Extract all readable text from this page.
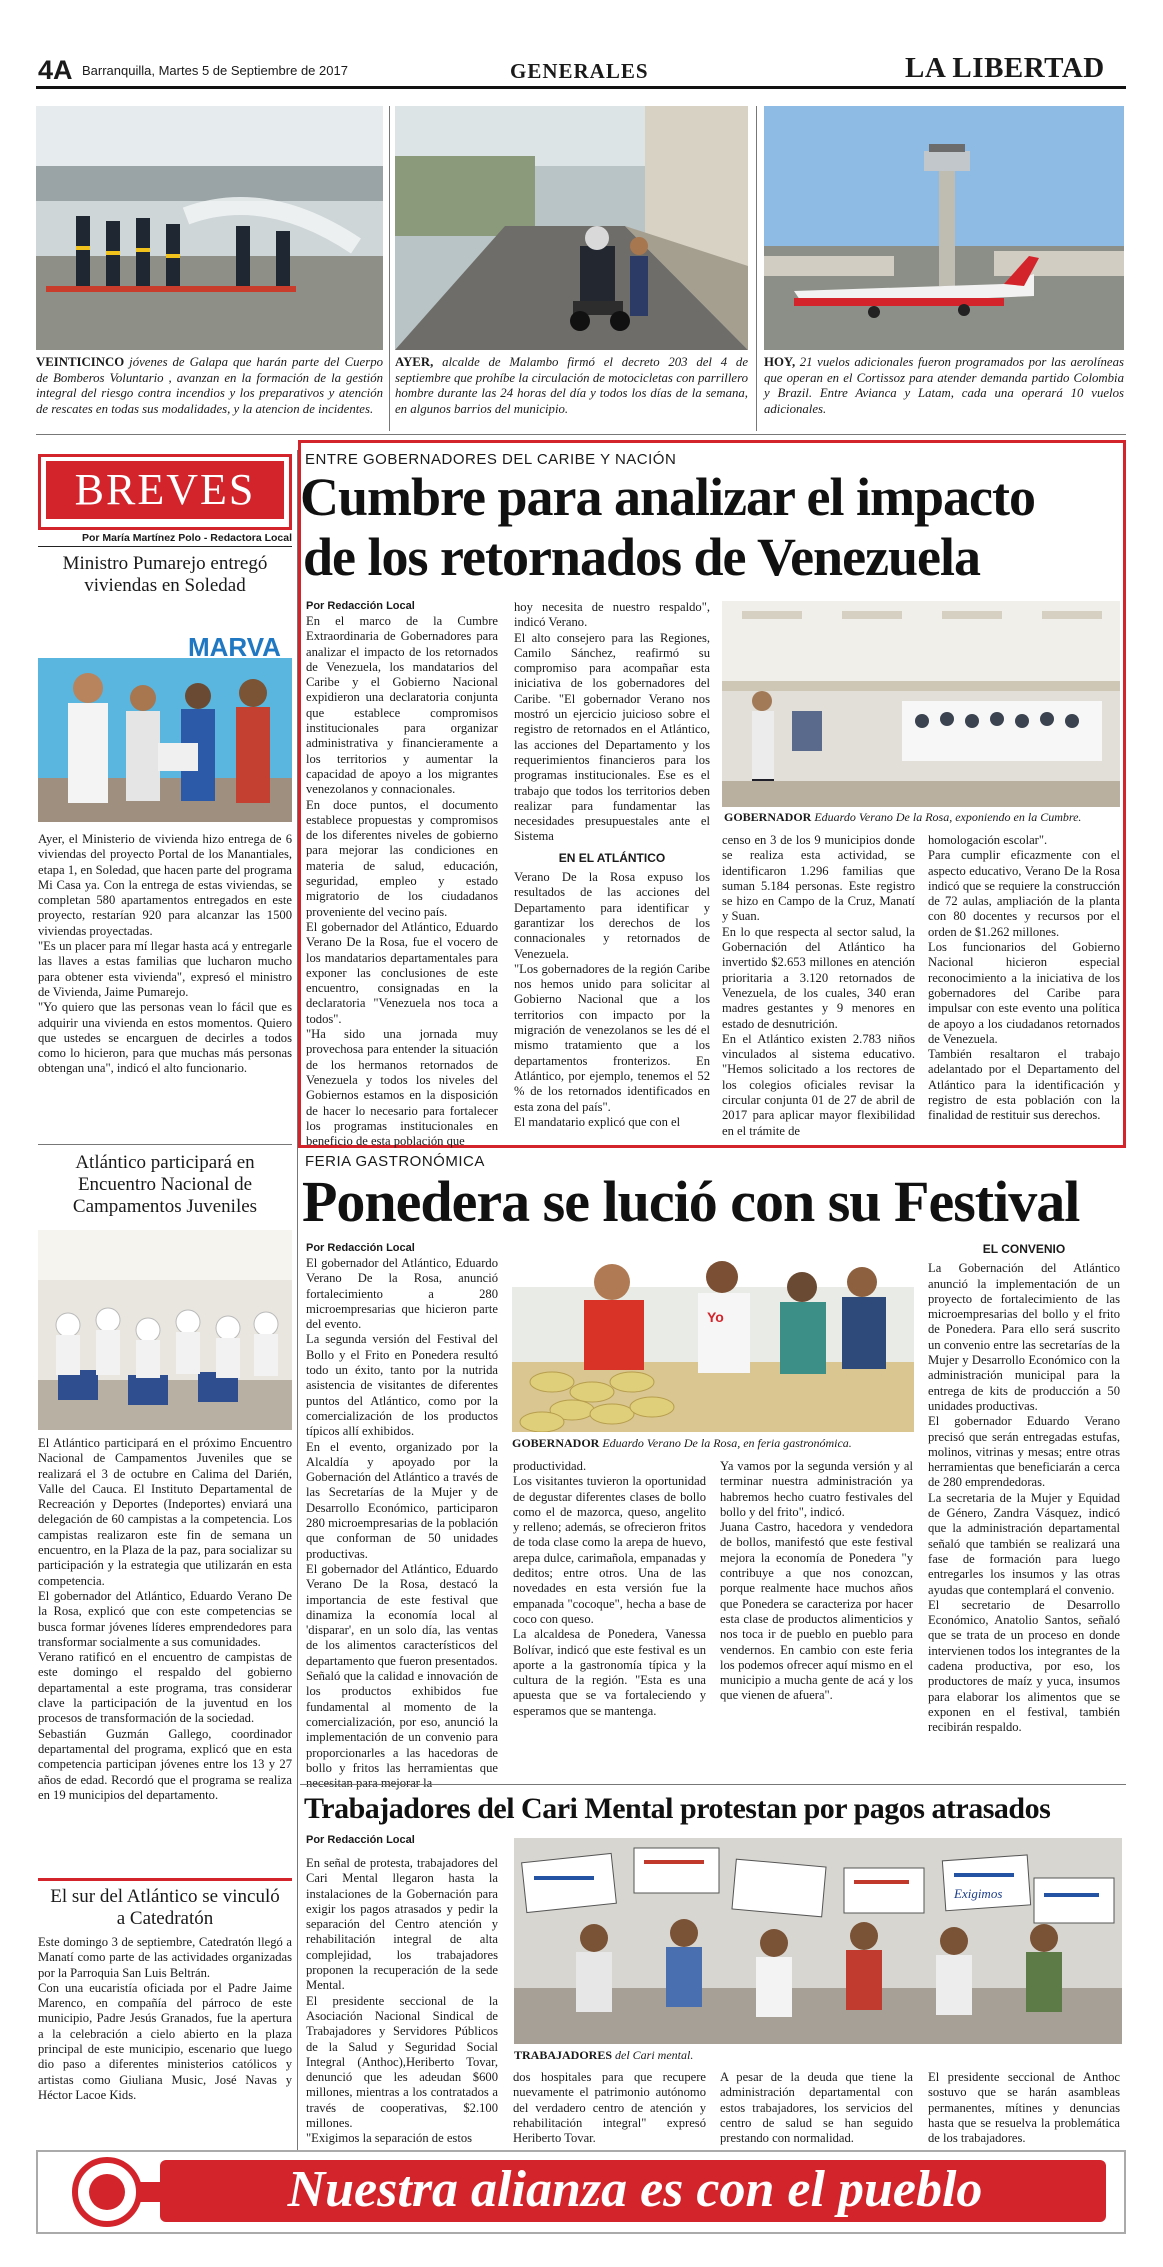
4A Barranquilla, Martes 5 de Septiembre de 2017	GENERALES	LA LIBERTAD
VEINTICINCO jóvenes de Galapa que harán parte del Cuerpo de Bomberos Voluntario , avanzan en la formación de la gestión integral del riesgo contra incendios y los preparativos y atención de rescates en todas sus modalidades, y la atencion de incidentes.
AYER, alcalde de Malambo firmó el decreto 203 del 4 de septiembre que prohíbe la circulación de motocicletas con parrillero hombre durante las 24 horas del día y todos los días de la semana, en algunos barrios del municipio.
HOY, 21 vuelos adicionales fueron programados por las aerolíneas que operan en el Cortissoz para atender demanda partido Colombia y Brazil. Entre Avianca y Latam, cada una operará 10 vuelos adicionales.
BREVES
Por María Martínez Polo - Redactora Local
Ministro Pumarejo entregó viviendas en Soledad
MARVA

Ayer, el Ministerio de vivienda hizo entrega de 6 viviendas del proyecto Portal de los Manantiales, etapa 1, en Soledad, que hacen parte del programa Mi Casa ya. Con la entrega de estas viviendas, se completan 580 apartamentos entregados en este proyecto, restarían 920 para alcanzar las 1500 viviendas proyectadas.

"Es un placer para mí llegar hasta acá y entregarle las llaves a estas familias que lucharon mucho para obtener esta vivienda", expresó el ministro de Vivienda, Jaime Pumarejo.

"Yo quiero que las personas vean lo fácil que es adquirir una vivienda en estos momentos. Quiero que ustedes se encarguen de decirles a todos como lo hicieron, para que muchas más personas obtengan una", indicó el alto funcionario.

Atlántico participará en Encuentro Nacional de Campamentos Juveniles

El Atlántico participará en el próximo Encuentro Nacional de Campamentos Juveniles que se realizará el 3 de octubre en Calima del Darién, Valle del Cauca. El Instituto Departamental de Recreación y Deportes (Indeportes) enviará una delegación de 60 campistas a la competencia. Los campistas realizaron este fin de semana un encuentro, en la Plaza de la paz, para socializar su participación y la estrategia que utilizarán en esta competencia.

El gobernador del Atlántico, Eduardo Verano De la Rosa, explicó que con este competencias se busca formar jóvenes líderes emprendedores para transformar socialmente a sus comunidades.

Verano ratificó en el encuentro de campistas de este domingo el respaldo del gobierno departamental a este programa, tras considerar clave la participación de la juventud en los procesos de transformación de la sociedad.

Sebastián Guzmán Gallego, coordinador departamental del programa, explicó que en esta competencia participan jóvenes entre los 13 y 27 años de edad. Recordó que el programa se realiza en 19 municipios del departamento.

El sur del Atlántico se vinculó a Catedratón

Este domingo 3 de septiembre, Catedratón llegó a Manatí como parte de las actividades organizadas por la Parroquia San Luis Beltrán.

Con una eucaristía oficiada por el Padre Jaime Marenco, en compañía del párroco de este municipio, Padre Jesús Granados, fue la apertura a la celebración a cielo abierto en la plaza principal de este municipio, escenario que luego dio paso a diferentes ministerios católicos y artistas como Giuliana Music, José Navas y Héctor Lacoe Kids.

ENTRE GOBERNADORES DEL CARIBE Y NACIÓN
Cumbre para analizar el impacto
de los retornados de Venezuela
Por Redacción Local

En el marco de la Cumbre Extraordinaria de Gobernadores para analizar el impacto de los retornados de Venezuela, los mandatarios del Caribe y el Gobierno Nacional expidieron una declaratoria conjunta que establece compromisos institucionales para organizar administrativa y financieramente a los territorios y aumentar la capacidad de apoyo a los migrantes venezolanos y connacionales.

En doce puntos, el documento establece propuestas y compromisos de los diferentes niveles de gobierno para mejorar las condiciones en materia de salud, educación, seguridad, empleo y estado migratorio de los ciudadanos proveniente del vecino país.

El gobernador del Atlántico, Eduardo Verano De la Rosa, fue el vocero de los mandatarios departamentales para exponer las conclusiones de este encuentro, consignadas en la declaratoria "Venezuela nos toca a todos".

"Ha sido una jornada muy provechosa para entender la situación de los hermanos retornados de Venezuela y todos los niveles del Gobiernos estamos en la disposición de hacer lo necesario para fortalecer los programas institucionales en beneficio de esta población que

hoy necesita de nuestro respaldo", indicó Verano.

El alto consejero para las Regiones, Camilo Sánchez, reafirmó su compromiso para acompañar esta iniciativa de los gobernadores del Caribe. "El gobernador Verano nos mostró un ejercicio juicioso sobre el registro de retornados en el Atlántico, las acciones del Departamento y los requerimientos financieros para los programas institucionales. Ese es el trabajo que todos los territorios deben realizar para fundamentar las necesidades presupuestales ante el Sistema

EN EL ATLÁNTICO

Verano De la Rosa expuso los resultados de las acciones del Departamento para identificar y garantizar los derechos de los connacionales y retornados de Venezuela.

"Los gobernadores de la región Caribe nos hemos unido para solicitar al Gobierno Nacional que a los territorios con impacto por la migración de venezolanos se les dé el mismo tratamiento que a los departamentos fronterizos. En Atlántico, por ejemplo, tenemos el 52 % de los retornados identificados en esta zona del país".

El mandatario explicó que con el

GOBERNADOR Eduardo Verano De la Rosa, exponiendo en la Cumbre.

censo en 3 de los 9 municipios donde se realiza esta actividad, se identificaron 1.296 familias que suman 5.184 personas. Este registro se hizo en Campo de la Cruz, Manatí y Suan.

En lo que respecta al sector salud, la Gobernación del Atlántico ha invertido $2.653 millones en atención prioritaria a 3.120 retornados de Venezuela, de los cuales, 340 eran madres gestantes y 9 menores en estado de desnutrición.

En el Atlántico existen 2.783 niños vinculados al sistema educativo. "Hemos solicitado a los rectores de los colegios oficiales revisar la circular conjunta 01 de 27 de abril de 2017 para aplicar mayor flexibilidad en el trámite de

homologación escolar".

Para cumplir eficazmente con el aspecto educativo, Verano De la Rosa indicó que se requiere la construcción de 72 aulas, ampliación de la planta con 80 docentes y recursos por el orden de $1.262 millones.

Los funcionarios del Gobierno Nacional hicieron especial reconocimiento a la iniciativa de los gobernadores del Caribe para impulsar con este evento una política de apoyo a los ciudadanos retornados de Venezuela.

También resaltaron el trabajo adelantado por el Departamento del Atlántico para la identificación y registro de esta población con la finalidad de restituir sus derechos.

FERIA GASTRONÓMICA
Ponedera se lució con su Festival
Por Redacción Local

El gobernador del Atlántico, Eduardo Verano De la Rosa, anunció fortalecimiento a 280 microempresarias que hicieron parte del evento.

La segunda versión del Festival del Bollo y el Frito en Ponedera resultó todo un éxito, tanto por la nutrida asistencia de visitantes de diferentes puntos del Atlántico, como por la comercialización de los productos típicos allí exhibidos.

En el evento, organizado por la Alcaldía y apoyado por la Gobernación del Atlántico a través de las Secretarías de la Mujer y de Desarrollo Económico, participaron 280 microempresarias de la población que conforman de 50 unidades productivas.

El gobernador del Atlántico, Eduardo Verano De la Rosa, destacó la importancia de este festival que dinamiza la economía local al 'disparar', en un solo día, las ventas de los alimentos característicos del departamento que fueron presentados.

Señaló que la calidad e innovación de los productos exhibidos fue fundamental al momento de la comercialización, por eso, anunció la implementación de un convenio para proporcionarles a las hacedoras de bollo y fritos las herramientas que

Yo
GOBERNADOR Eduardo Verano De la Rosa, en feria gastronómica.

productividad.

Los visitantes tuvieron la oportunidad de degustar diferentes clases de bollo como el de mazorca, queso, angelito y relleno; además, se ofrecieron fritos de toda clase como la arepa de huevo, arepa dulce, carimañola, empanadas y deditos; entre otros. Una de las novedades en esta versión fue la empanada "cocoque", hecha a base de coco con queso.

La alcaldesa de Ponedera, Vanessa Bolívar, indicó que este festival es un aporte a la gastronomía típica y la cultura de la región. "Esta es una apuesta que se va fortaleciendo y esperamos que se mantenga.

Ya vamos por la segunda versión y al terminar nuestra administración ya habremos hecho cuatro festivales del bollo y del frito", indicó.

Juana Castro, hacedora y vendedora de bollos, manifestó que este festival mejora la economía de Ponedera "y contribuye a que nos conozcan, porque realmente hace muchos años que Ponedera se caracteriza por hacer esta clase de productos alimenticios y nos toca ir de pueblo en pueblo para vendernos. En cambio con este feria los podemos ofrecer aquí mismo en el municipio a mucha gente de acá y los que vienen de afuera".

EL CONVENIO

La Gobernación del Atlántico anunció la implementación de un proyecto de fortalecimiento de las microempresarias del bollo y el frito de Ponedera. Para ello será suscrito un convenio entre las secretarías de la Mujer y Desarrollo Económico con la administración municipal para la entrega de kits de producción a 50 unidades productivas.

El gobernador Eduardo Verano precisó que serán entregadas estufas, molinos, vitrinas y mesas; entre otras herramientas que beneficiarán a cerca de 280 emprendedoras.

La secretaria de la Mujer y Equidad de Género, Zandra Vásquez, indicó que la administración departamental señaló que también se realizará una fase de formación para luego entregarles los insumos y las otras ayudas que contemplará el convenio.

El secretario de Desarrollo Económico, Anatolio Santos, señaló que se trata de un proceso en donde intervienen todos los integrantes de la cadena productiva, por eso, los productores de maíz y yuca, insumos para elaborar los alimentos que se exponen en el festival, también recibirán respaldo.

Trabajadores del Cari Mental protestan por pagos atrasados
Por Redacción Local

En señal de protesta, trabajadores del Cari Mental llegaron hasta la instalaciones de la Gobernación para exigir los pagos atrasados y pedir la separación del Centro atención y rehabilitación integral de alta complejidad, los trabajadores proponen la recuperación de la sede Mental.

El presidente seccional de la Asociación Nacional Sindical de Trabajadores y Servidores Públicos de la Salud y Seguridad Social Integral (Anthoc),Heriberto Tovar, denunció que les adeudan $600 millones, mientras a los contratados a través de cooperativas, $2.100 millones.

"Exigimos la separación de estos

Exigimos
TRABAJADORES del Cari mental.

dos hospitales para que recupere nuevamente el patrimonio autónomo del verdadero centro de atención y rehabilitación integral" expresó Heriberto Tovar.

A pesar de la deuda que tiene la administración departamental con estos trabajadores, los servicios del centro de salud se han seguido prestando con normalidad.

El presidente seccional de Anthoc sostuvo que se harán asambleas permanentes, mítines y denuncias hasta que se resuelva la problemática de los trabajadores.

Nuestra alianza es con el pueblo
